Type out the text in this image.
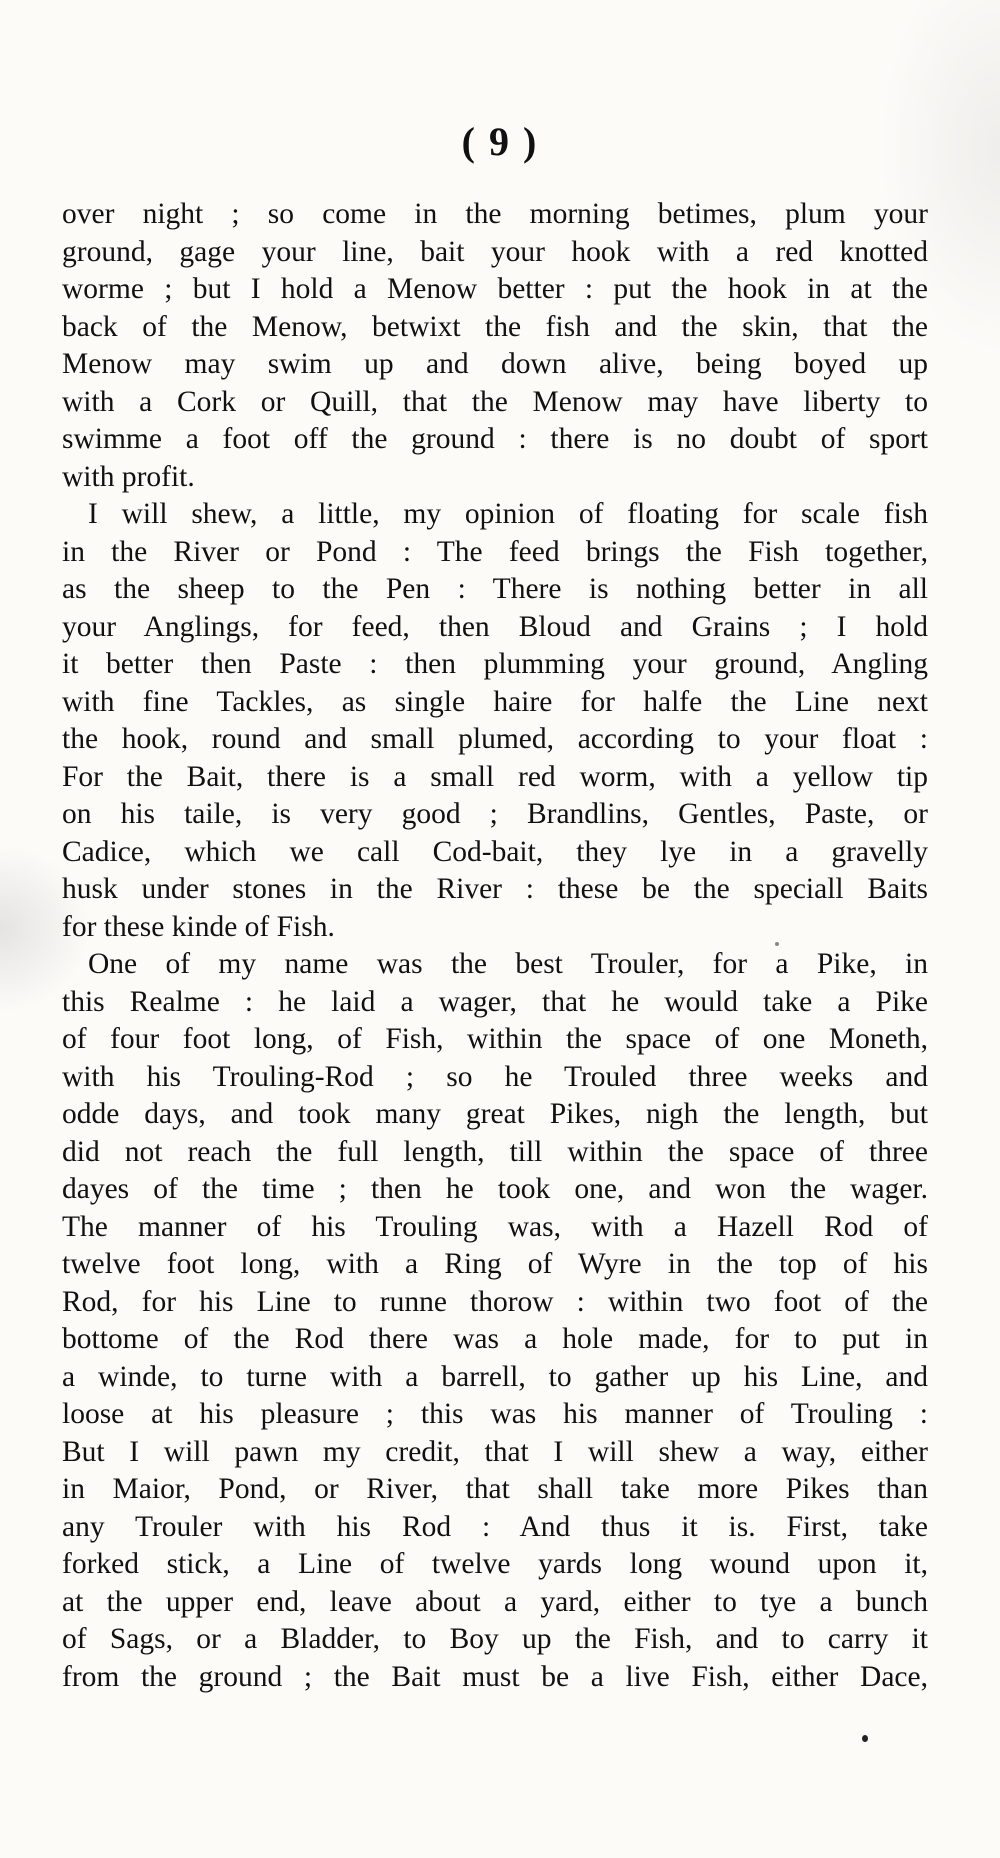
( 9 )
over night ; so come in the morning betimes, plum your
ground, gage your line, bait your hook with a red knotted
worme ; but I hold a Menow better : put the hook in at the
back of the Menow, betwixt the fish and the skin, that the
Menow may swim up and down alive, being boyed up
with a Cork or Quill, that the Menow may have liberty to
swimme a foot off the ground : there is no doubt of sport
with profit.
I will shew, a little, my opinion of floating for scale fish
in the River or Pond : The feed brings the Fish together,
as the sheep to the Pen : There is nothing better in all
your Anglings, for feed, then Bloud and Grains ; I hold
it better then Paste : then plumming your ground, Angling
with fine Tackles, as single haire for halfe the Line next
the hook, round and small plumed, according to your float :
For the Bait, there is a small red worm, with a yellow tip
on his taile, is very good ; Brandlins, Gentles, Paste, or
Cadice, which we call Cod-bait, they lye in a gravelly
husk under stones in the River : these be the speciall Baits
for these kinde of Fish.
One of my name was the best Trouler, for a Pike, in
this Realme : he laid a wager, that he would take a Pike
of four foot long, of Fish, within the space of one Moneth,
with his Trouling-Rod ; so he Trouled three weeks and
odde days, and took many great Pikes, nigh the length, but
did not reach the full length, till within the space of three
dayes of the time ; then he took one, and won the wager.
The manner of his Trouling was, with a Hazell Rod of
twelve foot long, with a Ring of Wyre in the top of his
Rod, for his Line to runne thorow : within two foot of the
bottome of the Rod there was a hole made, for to put in
a winde, to turne with a barrell, to gather up his Line, and
loose at his pleasure ; this was his manner of Trouling :
But I will pawn my credit, that I will shew a way, either
in Maior, Pond, or River, that shall take more Pikes than
any Trouler with his Rod : And thus it is. First, take
forked stick, a Line of twelve yards long wound upon it,
at the upper end, leave about a yard, either to tye a bunch
of Sags, or a Bladder, to Boy up the Fish, and to carry it
from the ground ; the Bait must be a live Fish, either Dace,
